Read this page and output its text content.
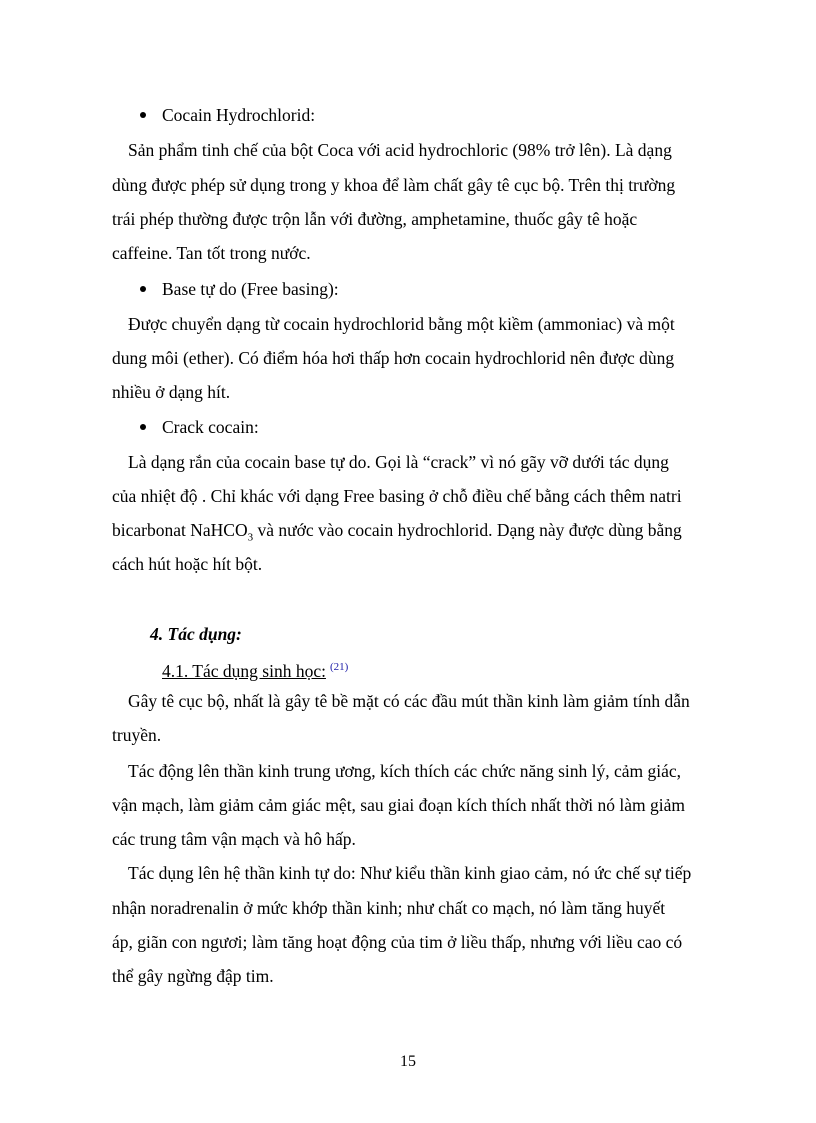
Cocain Hydrochlorid:
Sản phẩm tinh chế của bột Coca với acid hydrochloric (98% trở lên). Là dạng
dùng được phép sử dụng trong y khoa để làm chất gây tê cục bộ. Trên thị trường
trái phép thường được trộn lẫn với đường, amphetamine, thuốc gây tê hoặc
caffeine. Tan tốt trong nước.
Base tự do (Free basing):
Được chuyển dạng từ cocain hydrochlorid bằng một kiềm (ammoniac) và một
dung môi (ether). Có điểm hóa hơi thấp hơn cocain hydrochlorid nên được dùng
nhiều ở dạng hít.
Crack cocain:
Là dạng rắn của cocain base tự do. Gọi là “crack” vì nó gãy vỡ dưới tác dụng
của nhiệt độ . Chỉ khác với dạng Free basing ở chỗ điều chế bằng cách thêm natri
bicarbonat NaHCO$_3$ và nước vào cocain hydrochlorid. Dạng này được dùng bằng
cách hút hoặc hít bột.
4. Tác dụng:
4.1. Tác dụng sinh học: $^{(21)}$
Gây tê cục bộ, nhất là gây tê bề mặt có các đầu mút thần kinh làm giảm tính dẫn
truyền.
Tác động lên thần kinh trung ương, kích thích các chức năng sinh lý, cảm giác,
vận mạch, làm giảm cảm giác mệt, sau giai đoạn kích thích nhất thời nó làm giảm
các trung tâm vận mạch và hô hấp.
Tác dụng lên hệ thần kinh tự do: Như kiểu thần kinh giao cảm, nó ức chế sự tiếp
nhận noradrenalin ở mức khớp thần kinh; như chất co mạch, nó làm tăng huyết
áp, giãn con ngươi; làm tăng hoạt động của tim ở liều thấp, nhưng với liều cao có
thể gây ngừng đập tim.
15
